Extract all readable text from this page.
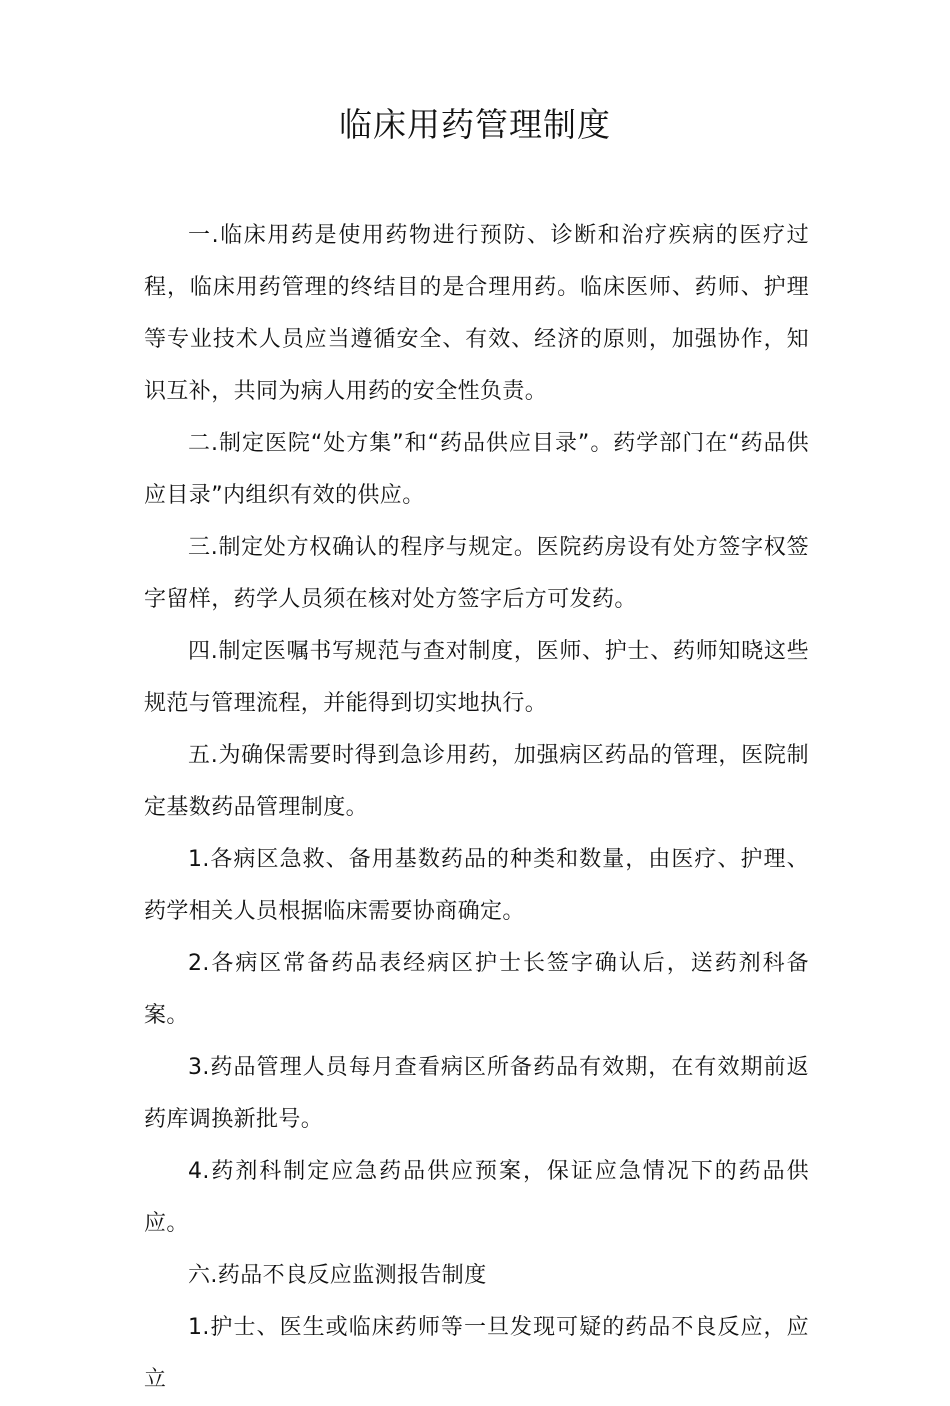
临床用药管理制度

一.临床用药是使用药物进行预防、诊断和治疗疾病的医疗过程，临床用药管理的终结目的是合理用药。临床医师、药师、护理等专业技术人员应当遵循安全、有效、经济的原则，加强协作，知识互补，共同为病人用药的安全性负责。

二.制定医院“处方集”和“药品供应目录”。药学部门在“药品供应目录”内组织有效的供应。

三.制定处方权确认的程序与规定。医院药房设有处方签字权签字留样，药学人员须在核对处方签字后方可发药。

四.制定医嘱书写规范与查对制度，医师、护士、药师知晓这些规范与管理流程，并能得到切实地执行。

五.为确保需要时得到急诊用药，加强病区药品的管理，医院制定基数药品管理制度。

1.各病区急救、备用基数药品的种类和数量，由医疗、护理、药学相关人员根据临床需要协商确定。

2.各病区常备药品表经病区护士长签字确认后，送药剂科备案。

3.药品管理人员每月查看病区所备药品有效期，在有效期前返药库调换新批号。

4.药剂科制定应急药品供应预案，保证应急情况下的药品供应。

六.药品不良反应监测报告制度

1.护士、医生或临床药师等一旦发现可疑的药品不良反应，应立
